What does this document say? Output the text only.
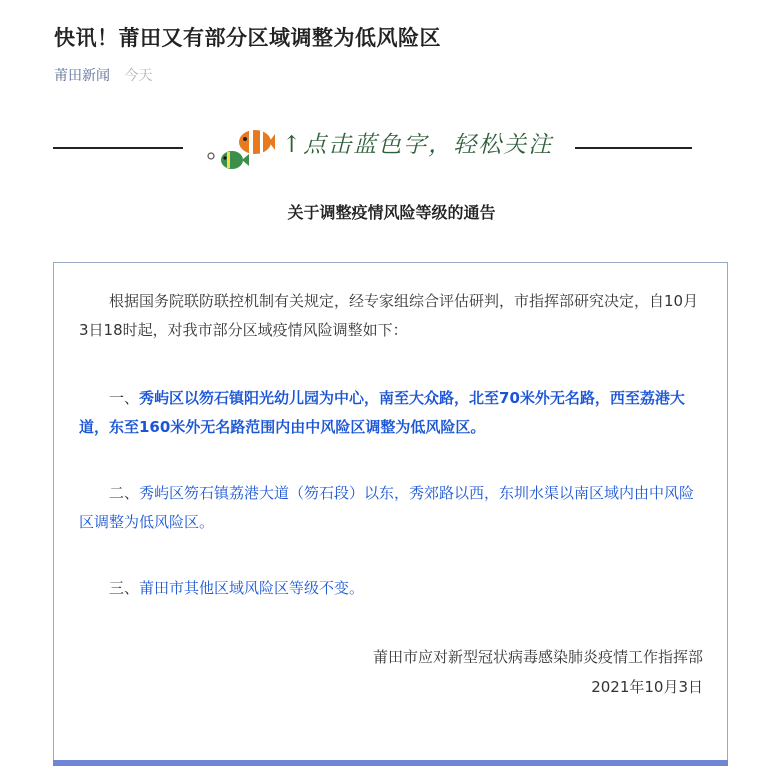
快讯！莆田又有部分区域调整为低风险区
莆田新闻 今天
↑点击蓝色字，轻松关注
关于调整疫情风险等级的通告
根据国务院联防联控机制有关规定，经专家组综合评估研判，市指挥部研究决定，自10月3日18时起，对我市部分区域疫情风险调整如下：
一、秀屿区以笏石镇阳光幼儿园为中心，南至大众路，北至70米外无名路，西至荔港大道，东至160米外无名路范围内由中风险区调整为低风险区。
二、秀屿区笏石镇荔港大道（笏石段）以东，秀郊路以西，东圳水渠以南区域内由中风险区调整为低风险区。
三、莆田市其他区域风险区等级不变。
莆田市应对新型冠状病毒感染肺炎疫情工作指挥部
2021年10月3日
